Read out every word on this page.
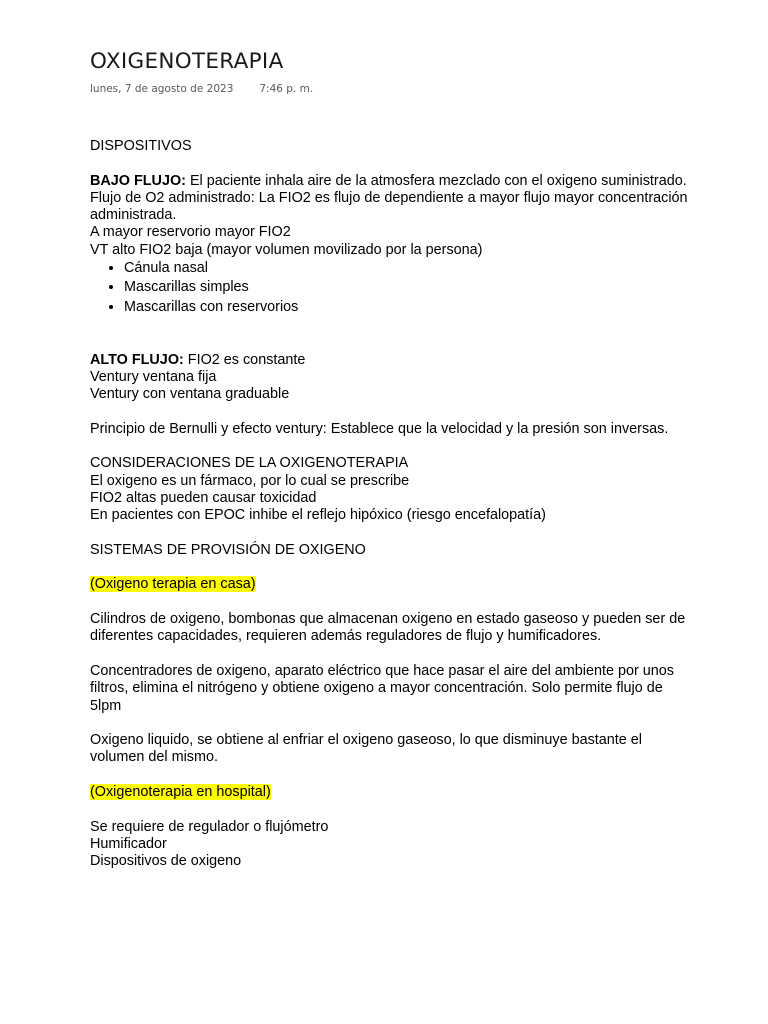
OXIGENOTERAPIA
lunes, 7 de agosto de 2023 7:46 p. m.

DISPOSITIVOS

BAJO FLUJO: El paciente inhala aire de la atmosfera mezclado con el oxigeno suministrado.

Flujo de O2 administrado: La FIO2 es flujo de dependiente a mayor flujo mayor concentración administrada.

A mayor reservorio mayor FIO2

VT alto FIO2 baja (mayor volumen movilizado por la persona)

• Cánula nasal
• Mascarillas simples
• Mascarillas con reservorios

ALTO FLUJO: FIO2 es constante

Ventury ventana fija

Ventury con ventana graduable

Principio de Bernulli y efecto ventury: Establece que la velocidad y la presión son inversas.

CONSIDERACIONES DE LA OXIGENOTERAPIA

El oxigeno es un fármaco, por lo cual se prescribe

FIO2 altas pueden causar toxicidad

En pacientes con EPOC inhibe el reflejo hipóxico (riesgo encefalopatía)

SISTEMAS DE PROVISIÓN DE OXIGENO

(Oxigeno terapia en casa)

Cilindros de oxigeno, bombonas que almacenan oxigeno en estado gaseoso y pueden ser de diferentes capacidades, requieren además reguladores de flujo y humificadores.

Concentradores de oxigeno, aparato eléctrico que hace pasar el aire del ambiente por unos filtros, elimina el nitrógeno y obtiene oxigeno a mayor concentración. Solo permite flujo de 5lpm

Oxigeno liquido, se obtiene al enfriar el oxigeno gaseoso, lo que disminuye bastante el volumen del mismo.

(Oxigenoterapia en hospital)

Se requiere de regulador o flujómetro

Humificador

Dispositivos de oxigeno
